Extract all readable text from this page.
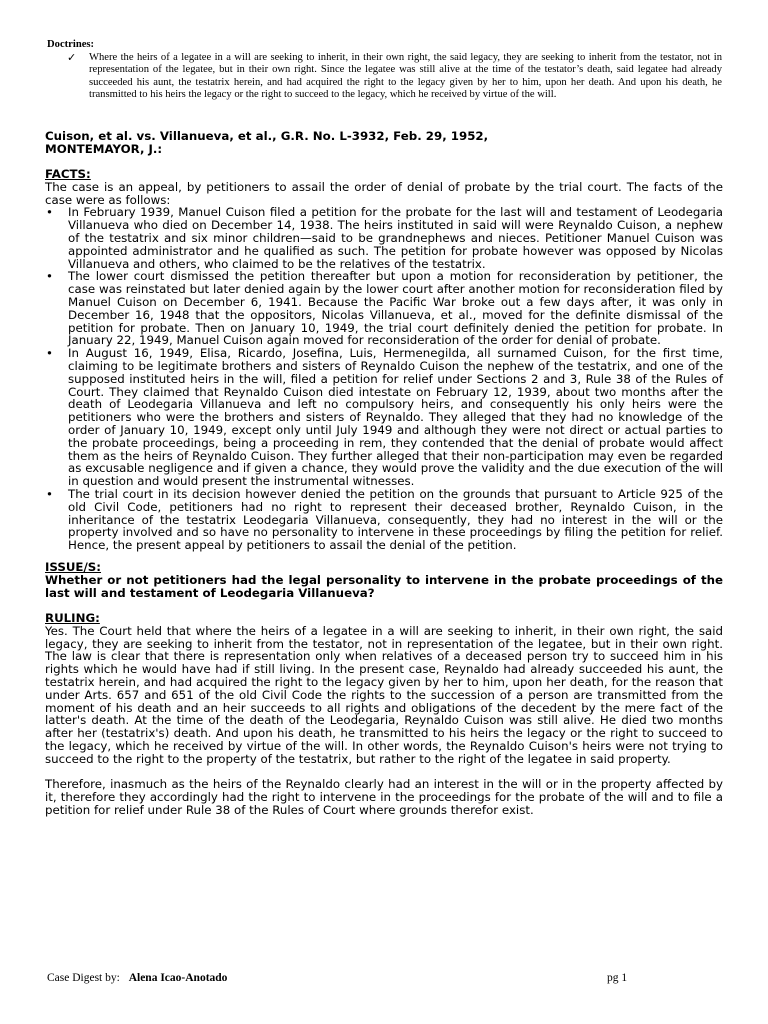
Doctrines:
✓ Where the heirs of a legatee in a will are seeking to inherit, in their own right, the said legacy, they are seeking to inherit from the testator, not in representation of the legatee, but in their own right. Since the legatee was still alive at the time of the testator’s death, said legatee had already succeeded his aunt, the testatrix herein, and had acquired the right to the legacy given by her to him, upon her death. And upon his death, he transmitted to his heirs the legacy or the right to succeed to the legacy, which he received by virtue of the will.
Cuison, et al. vs. Villanueva, et al., G.R. No. L-3932, Feb. 29, 1952,
MONTEMAYOR, J.:
FACTS:
The case is an appeal, by petitioners to assail the order of denial of probate by the trial court. The facts of the case were as follows:
• In February 1939, Manuel Cuison filed a petition for the probate for the last will and testament of Leodegaria Villanueva who died on December 14, 1938. The heirs instituted in said will were Reynaldo Cuison, a nephew of the testatrix and six minor children—said to be grandnephews and nieces. Petitioner Manuel Cuison was appointed administrator and he qualified as such. The petition for probate however was opposed by Nicolas Villanueva and others, who claimed to be the relatives of the testatrix.
• The lower court dismissed the petition thereafter but upon a motion for reconsideration by petitioner, the case was reinstated but later denied again by the lower court after another motion for reconsideration filed by Manuel Cuison on December 6, 1941. Because the Pacific War broke out a few days after, it was only in December 16, 1948 that the oppositors, Nicolas Villanueva, et al., moved for the definite dismissal of the petition for probate. Then on January 10, 1949, the trial court definitely denied the petition for probate. In January 22, 1949, Manuel Cuison again moved for reconsideration of the order for denial of probate.
• In August 16, 1949, Elisa, Ricardo, Josefina, Luis, Hermenegilda, all surnamed Cuison, for the first time, claiming to be legitimate brothers and sisters of Reynaldo Cuison the nephew of the testatrix, and one of the supposed instituted heirs in the will, filed a petition for relief under Sections 2 and 3, Rule 38 of the Rules of Court. They claimed that Reynaldo Cuison died intestate on February 12, 1939, about two months after the death of Leodegaria Villanueva and left no compulsory heirs, and consequently his only heirs were the petitioners who were the brothers and sisters of Reynaldo. They alleged that they had no knowledge of the order of January 10, 1949, except only until July 1949 and although they were not direct or actual parties to the probate proceedings, being a proceeding in rem, they contended that the denial of probate would affect them as the heirs of Reynaldo Cuison. They further alleged that their non-participation may even be regarded as excusable negligence and if given a chance, they would prove the validity and the due execution of the will in question and would present the instrumental witnesses.
• The trial court in its decision however denied the petition on the grounds that pursuant to Article 925 of the old Civil Code, petitioners had no right to represent their deceased brother, Reynaldo Cuison, in the inheritance of the testatrix Leodegaria Villanueva, consequently, they had no interest in the will or the property involved and so have no personality to intervene in these proceedings by filing the petition for relief. Hence, the present appeal by petitioners to assail the denial of the petition.
ISSUE/S:
Whether or not petitioners had the legal personality to intervene in the probate proceedings of the last will and testament of Leodegaria Villanueva?
RULING:
Yes. The Court held that where the heirs of a legatee in a will are seeking to inherit, in their own right, the said legacy, they are seeking to inherit from the testator, not in representation of the legatee, but in their own right. The law is clear that there is representation only when relatives of a deceased person try to succeed him in his rights which he would have had if still living. In the present case, Reynaldo had already succeeded his aunt, the testatrix herein, and had acquired the right to the legacy given by her to him, upon her death, for the reason that under Arts. 657 and 651 of the old Civil Code the rights to the succession of a person are transmitted from the moment of his death and an heir succeeds to all rights and obligations of the decedent by the mere fact of the latter's death. At the time of the death of the Leodegaria, Reynaldo Cuison was still alive. He died two months after her (testatrix's) death. And upon his death, he transmitted to his heirs the legacy or the right to succeed to the legacy, which he received by virtue of the will. In other words, the Reynaldo Cuison's heirs were not trying to succeed to the right to the property of the testatrix, but rather to the right of the legatee in said property.
Therefore, inasmuch as the heirs of the Reynaldo clearly had an interest in the will or in the property affected by it, therefore they accordingly had the right to intervene in the proceedings for the probate of the will and to file a petition for relief under Rule 38 of the Rules of Court where grounds therefor exist.
Case Digest by: Alena Icao-Anotado	pg 1
